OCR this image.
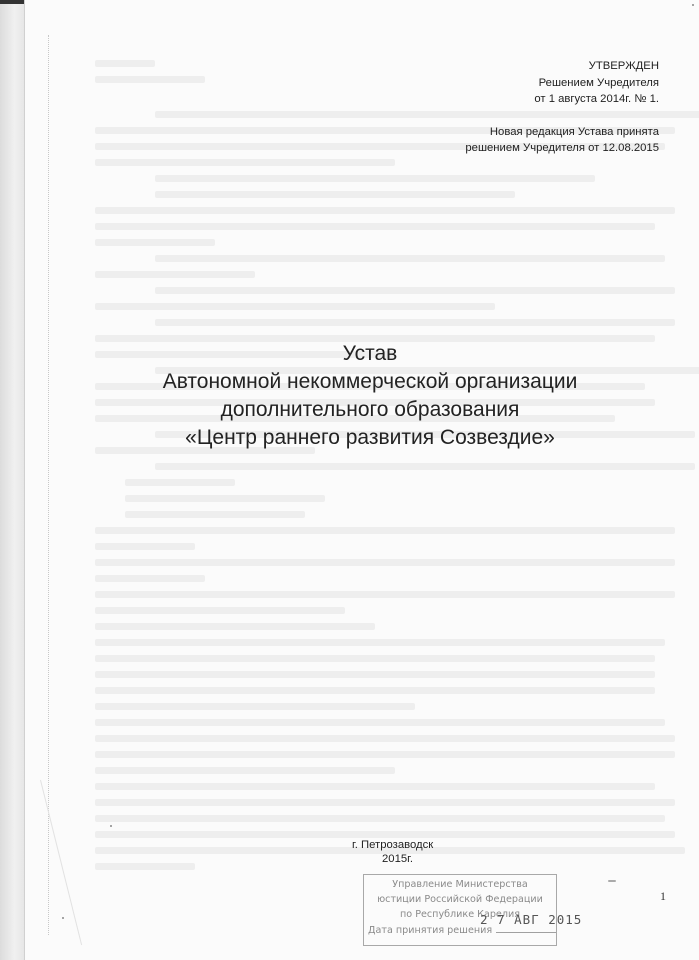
УТВЕРЖДЕН
Решением Учредителя
от 1 августа 2014г. № 1.
Новая редакция Устава принята
решением Учредителя от 12.08.2015
Устав
Автономной некоммерческой организации
дополнительного образования
«Центр раннего развития Созвездие»
г. Петрозаводск
2015г.
Управление Министерства
юстиции Российской Федерации
по Республике Карелия
Дата принятия решения
2 7 АВГ 2015
1
